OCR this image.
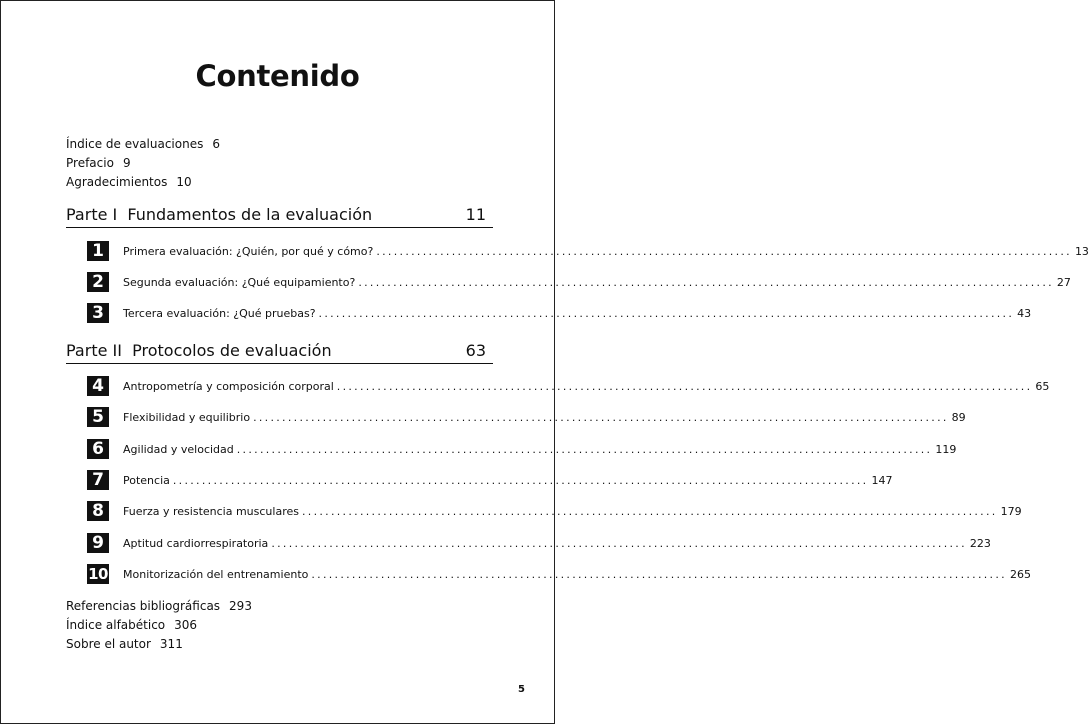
Contenido
Índice de evaluaciones 6
Prefacio 9
Agradecimientos 10
Parte I  Fundamentos de la evaluación	11
1	Primera evaluación: ¿Quién, por qué y cómo? ........................................................................................................................ 13
2	Segunda evaluación: ¿Qué equipamiento? ........................................................................................................................ 27
3	Tercera evaluación: ¿Qué pruebas? ........................................................................................................................ 43
Parte II  Protocolos de evaluación	63
4	Antropometría y composición corporal ........................................................................................................................ 65
5	Flexibilidad y equilibrio ........................................................................................................................ 89
6	Agilidad y velocidad ........................................................................................................................ 119
7	Potencia ........................................................................................................................ 147
8	Fuerza y resistencia musculares ........................................................................................................................ 179
9	Aptitud cardiorrespiratoria ........................................................................................................................ 223
10 Monitorización del entrenamiento ........................................................................................................................ 265
Referencias bibliográficas 293
Índice alfabético 306
Sobre el autor 311
5
